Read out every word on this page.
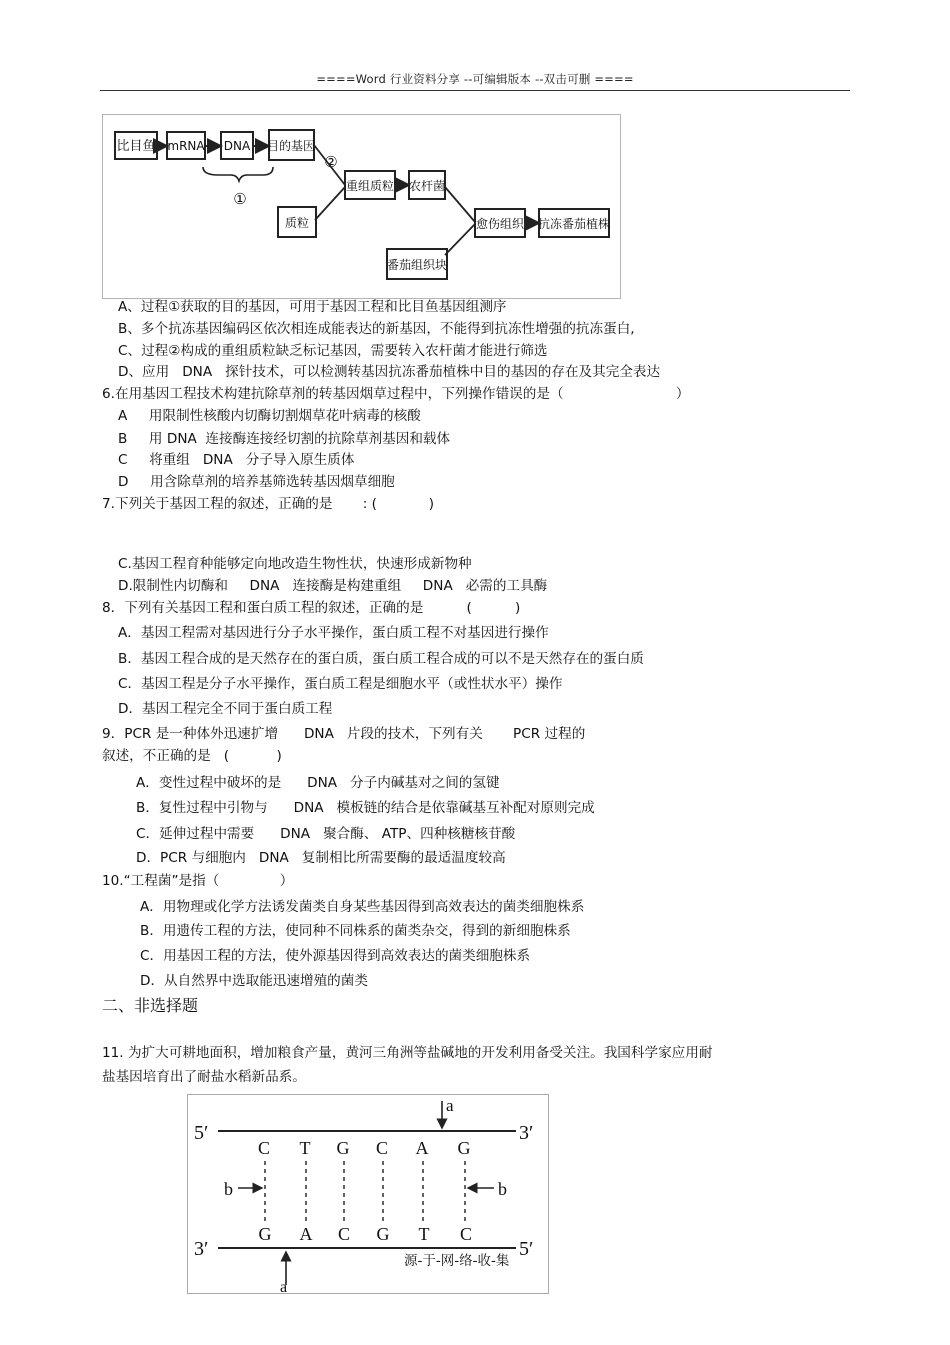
====Word 行业资料分享 --可编辑版本 --双击可删 ====
比目鱼 mRNA DNA 目的基因
①
②
重组质粒 农杆菌
质粒	愈伤组织 抗冻番茄植株
番茄组织块
A、过程①获取的目的基因，可用于基因工程和比目鱼基因组测序
B、多个抗冻基因编码区依次相连成能表达的新基因，不能得到抗冻性增强的抗冻蛋白,
C、过程②构成的重组质粒缺乏标记基因，需要转入农杆菌才能进行筛选
D、应用   DNA   探针技术，可以检测转基因抗冻番茄植株中目的基因的存在及其完全表达
6.在用基因工程技术构建抗除草剂的转基因烟草过程中，下列操作错误的是（                          ）
A     用限制性核酸内切酶切割烟草花叶病毒的核酸
B     用 DNA  连接酶连接经切割的抗除草剂基因和载体
C     将重组   DNA   分子导入原生质体
D     用含除草剂的培养基筛选转基因烟草细胞
7.下列关于基因工程的叙述，正确的是       : (            )
C.基因工程育种能够定向地改造生物性状，快速形成新物种
D.限制性内切酶和     DNA   连接酶是构建重组     DNA   必需的工具酶
8．下列有关基因工程和蛋白质工程的叙述，正确的是          (          )
A．基因工程需对基因进行分子水平操作，蛋白质工程不对基因进行操作
B．基因工程合成的是天然存在的蛋白质，蛋白质工程合成的可以不是天然存在的蛋白质
C．基因工程是分子水平操作，蛋白质工程是细胞水平（或性状水平）操作
D．基因工程完全不同于蛋白质工程
9．PCR 是一种体外迅速扩增      DNA   片段的技术，下列有关       PCR 过程的
叙述，不正确的是   (           )
A．变性过程中破坏的是      DNA   分子内碱基对之间的氢键
B．复性过程中引物与      DNA   模板链的结合是依靠碱基互补配对原则完成
C．延伸过程中需要      DNA   聚合酶、 ATP、四种核糖核苷酸
D．PCR 与细胞内   DNA   复制相比所需要酶的最适温度较高
10.“工程菌”是指（              ）
A．用物理或化学方法诱发菌类自身某些基因得到高效表达的菌类细胞株系
B．用遗传工程的方法，使同种不同株系的菌类杂交，得到的新细胞株系
C．用基因工程的方法，使外源基因得到高效表达的菌类细胞株系
D．从自然界中选取能迅速增殖的菌类
二、非选择题
11. 为扩大可耕地面积，增加粮食产量，黄河三角洲等盐碱地的开发利用备受关注。我国科学家应用耐
盐基因培育出了耐盐水稻新品系。
5′	3′
a
C T G C A G
b	b
G A C G T C
3′	5′
a
源-于-网-络-收-集
